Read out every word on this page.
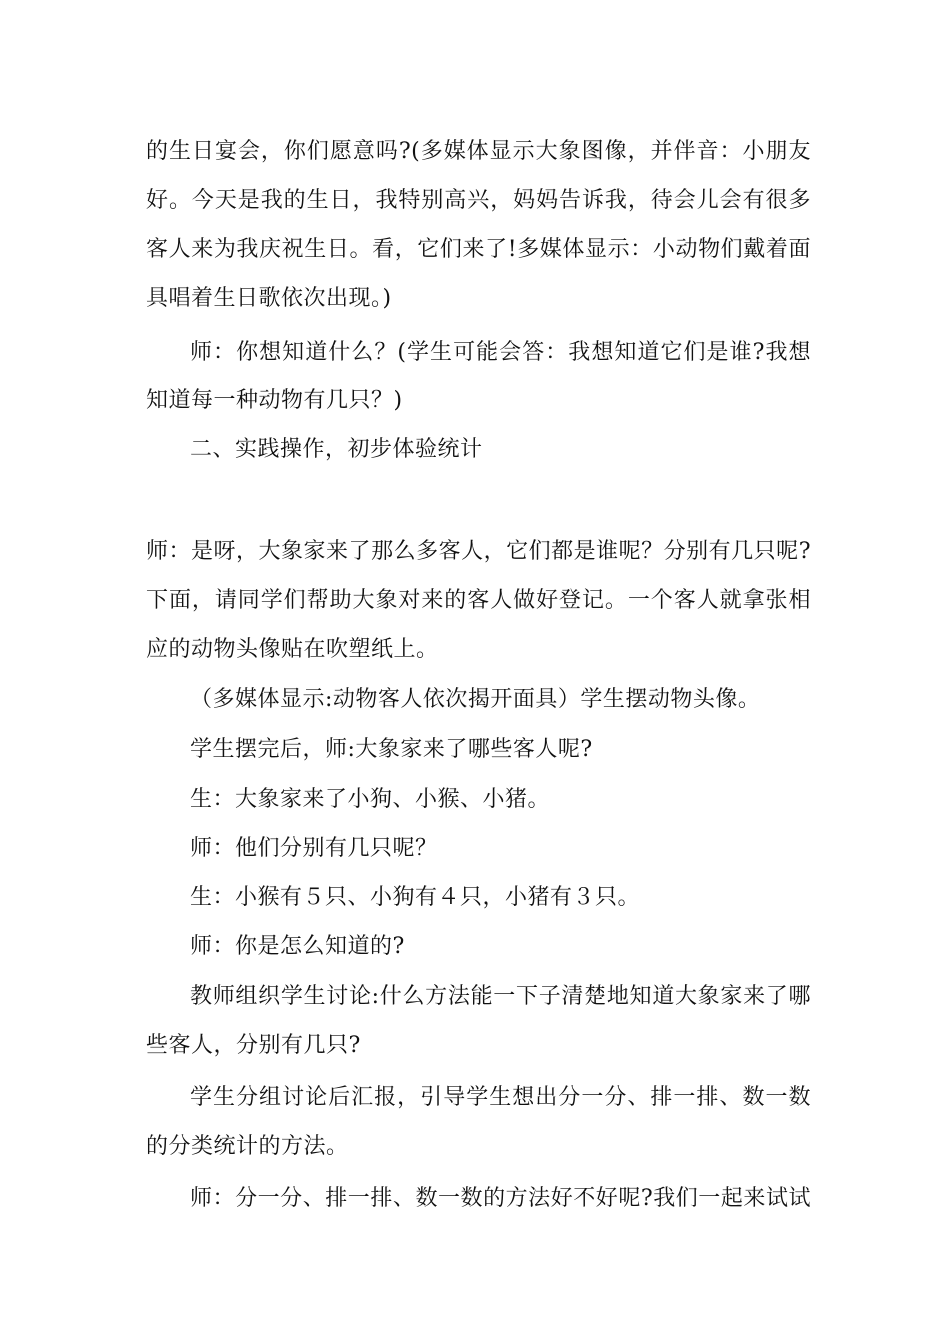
的生日宴会，你们愿意吗?(多媒体显示大象图像，并伴音：小朋友
好。今天是我的生日，我特别高兴，妈妈告诉我，待会儿会有很多
客人来为我庆祝生日。看，它们来了!多媒体显示：小动物们戴着面
具唱着生日歌依次出现。)
师：你想知道什么？(学生可能会答：我想知道它们是谁?我想
知道每一种动物有几只？)
二、实践操作，初步体验统计
师：是呀，大象家来了那么多客人，它们都是谁呢？分别有几只呢?
下面，请同学们帮助大象对来的客人做好登记。一个客人就拿张相
应的动物头像贴在吹塑纸上。
（多媒体显示:动物客人依次揭开面具）学生摆动物头像。
学生摆完后，师:大象家来了哪些客人呢?
生：大象家来了小狗、小猴、小猪。
师：他们分别有几只呢？
生：小猴有５只、小狗有４只，小猪有３只。
师：你是怎么知道的?
教师组织学生讨论:什么方法能一下子清楚地知道大象家来了哪
些客人，分别有几只?
学生分组讨论后汇报，引导学生想出分一分、排一排、数一数
的分类统计的方法。
师：分一分、排一排、数一数的方法好不好呢?我们一起来试试
